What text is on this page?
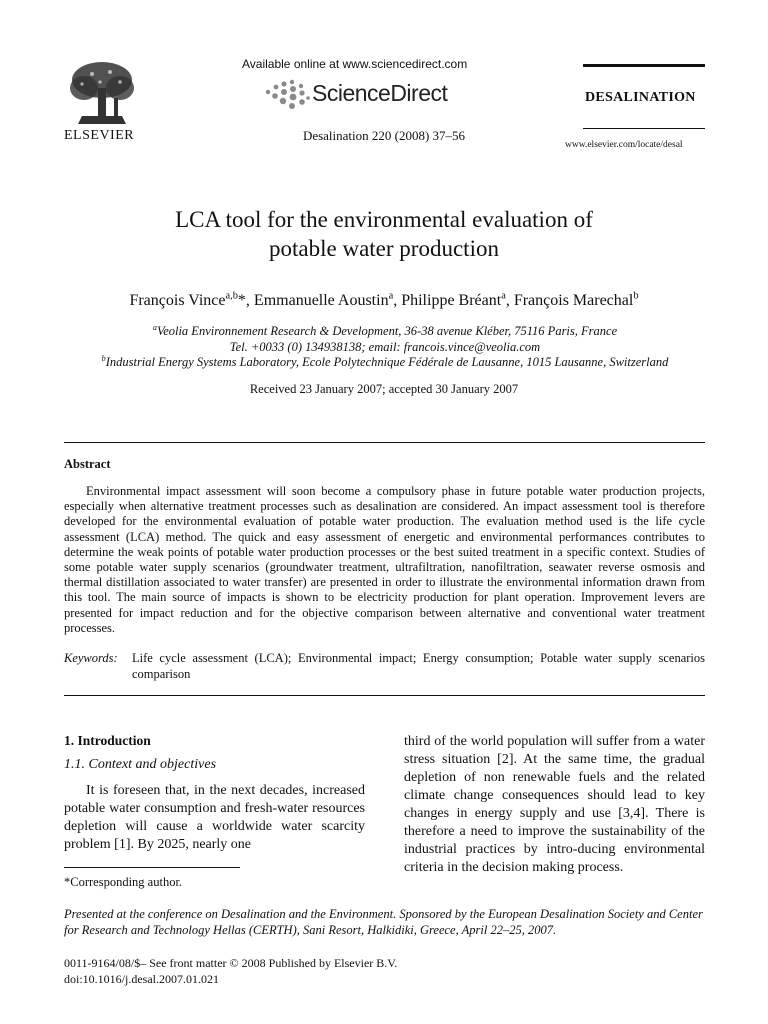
Available online at www.sciencedirect.com
ScienceDirect
Desalination 220 (2008) 37–56
ELSEVIER
DESALINATION
www.elsevier.com/locate/desal
LCA tool for the environmental evaluation of
potable water production
François Vince$^{a,b}$*, Emmanuelle Aoustin$^a$, Philippe Bréant$^a$, François Marechal$^b$
$^a$Veolia Environnement Research & Development, 36-38 avenue Kléber, 75116 Paris, France
Tel. +0033 (0) 134938138; email: francois.vince@veolia.com
$^b$Industrial Energy Systems Laboratory, Ecole Polytechnique Fédérale de Lausanne, 1015 Lausanne, Switzerland
Received 23 January 2007; accepted 30 January 2007
Abstract
Environmental impact assessment will soon become a compulsory phase in future potable water production projects, especially when alternative treatment processes such as desalination are considered. An impact assessment tool is therefore developed for the environmental evaluation of potable water production. The evaluation method used is the life cycle assessment (LCA) method. The quick and easy assessment of energetic and environmental performances contributes to determine the weak points of potable water production processes or the best suited treatment in a specific context. Studies of some potable water supply scenarios (groundwater treatment, ultrafiltration, nanofiltration, seawater reverse osmosis and thermal distillation associated to water transfer) are presented in order to illustrate the environmental information drawn from this tool. The main source of impacts is shown to be electricity production for plant operation. Improvement levers are presented for impact reduction and for the objective comparison between alternative and conventional water treatment processes.
Keywords: Life cycle assessment (LCA); Environmental impact; Energy consumption; Potable water supply scenarios comparison
1. Introduction
1.1. Context and objectives
It is foreseen that, in the next decades, increased potable water consumption and fresh-water resources depletion will cause a worldwide water scarcity problem [1]. By 2025, nearly one
third of the world population will suffer from a water stress situation [2]. At the same time, the gradual depletion of non renewable fuels and the related climate change consequences should lead to key changes in energy supply and use [3,4]. There is therefore a need to improve the sustainability of the industrial practices by intro-ducing environmental criteria in the decision making process.
*Corresponding author.
Presented at the conference on Desalination and the Environment. Sponsored by the European Desalination Society and Center for Research and Technology Hellas (CERTH), Sani Resort, Halkidiki, Greece, April 22–25, 2007.
0011-9164/08/$– See front matter © 2008 Published by Elsevier B.V.
doi:10.1016/j.desal.2007.01.021
